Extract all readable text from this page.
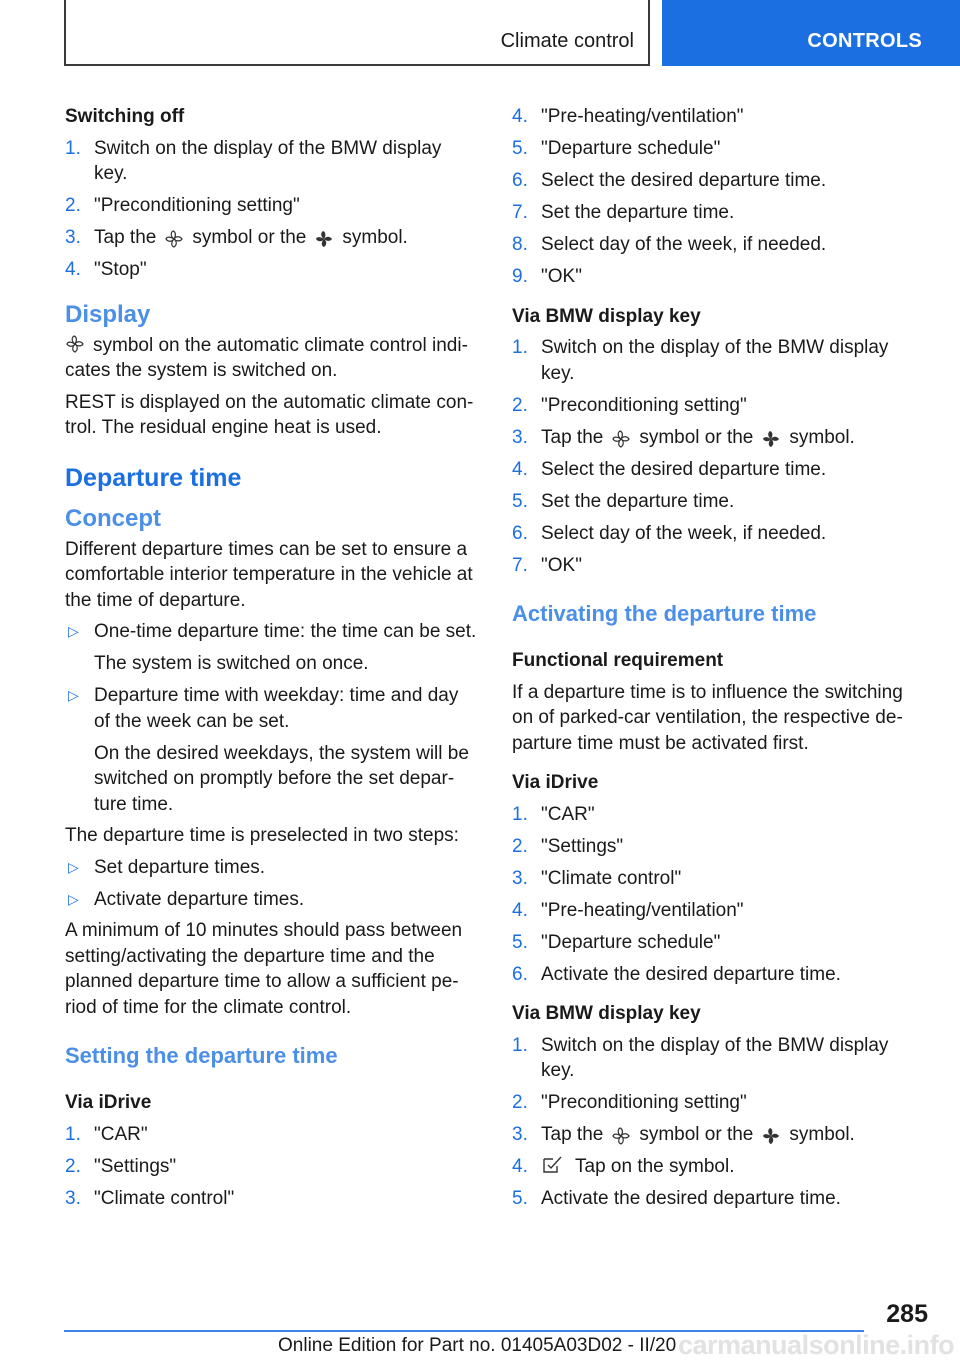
Climate control	CONTROLS
Switching off
1. Switch on the display of the BMW display key.
2. "Preconditioning setting"
3. Tap the symbol or the symbol.
4. "Stop"
Display

symbol on the automatic climate control indicates the system is switched on.

REST is displayed on the automatic climate control. The residual engine heat is used.

Departure time
Concept

Different departure times can be set to ensure a comfortable interior temperature in the vehicle at the time of departure.

▷ One-time departure time: the time can be set.
The system is switched on once.
▷ Departure time with weekday: time and day of the week can be set.
On the desired weekdays, the system will be switched on promptly before the set departure time.

The departure time is preselected in two steps:

▷ Set departure times.
▷ Activate departure times.

A minimum of 10 minutes should pass between setting/activating the departure time and the planned departure time to allow a sufficient period of time for the climate control.

Setting the departure time
Via iDrive
1. "CAR"
2. "Settings"
3. "Climate control"
4. "Pre-heating/ventilation"
5. "Departure schedule"
6. Select the desired departure time.
7. Set the departure time.
8. Select day of the week, if needed.
9. "OK"
Via BMW display key
1. Switch on the display of the BMW display key.
2. "Preconditioning setting"
3. Tap the symbol or the symbol.
4. Select the desired departure time.
5. Set the departure time.
6. Select day of the week, if needed.
7. "OK"
Activating the departure time
Functional requirement

If a departure time is to influence the switching on of parked-car ventilation, the respective departure time must be activated first.

Via iDrive
1. "CAR"
2. "Settings"
3. "Climate control"
4. "Pre-heating/ventilation"
5. "Departure schedule"
6. Activate the desired departure time.
Via BMW display key
1. Switch on the display of the BMW display key.
2. "Preconditioning setting"
3. Tap the symbol or the symbol.
4. Tap on the symbol.
5. Activate the desired departure time.
285
carmanualsonline.info
Online Edition for Part no. 01405A03D02 - II/20
